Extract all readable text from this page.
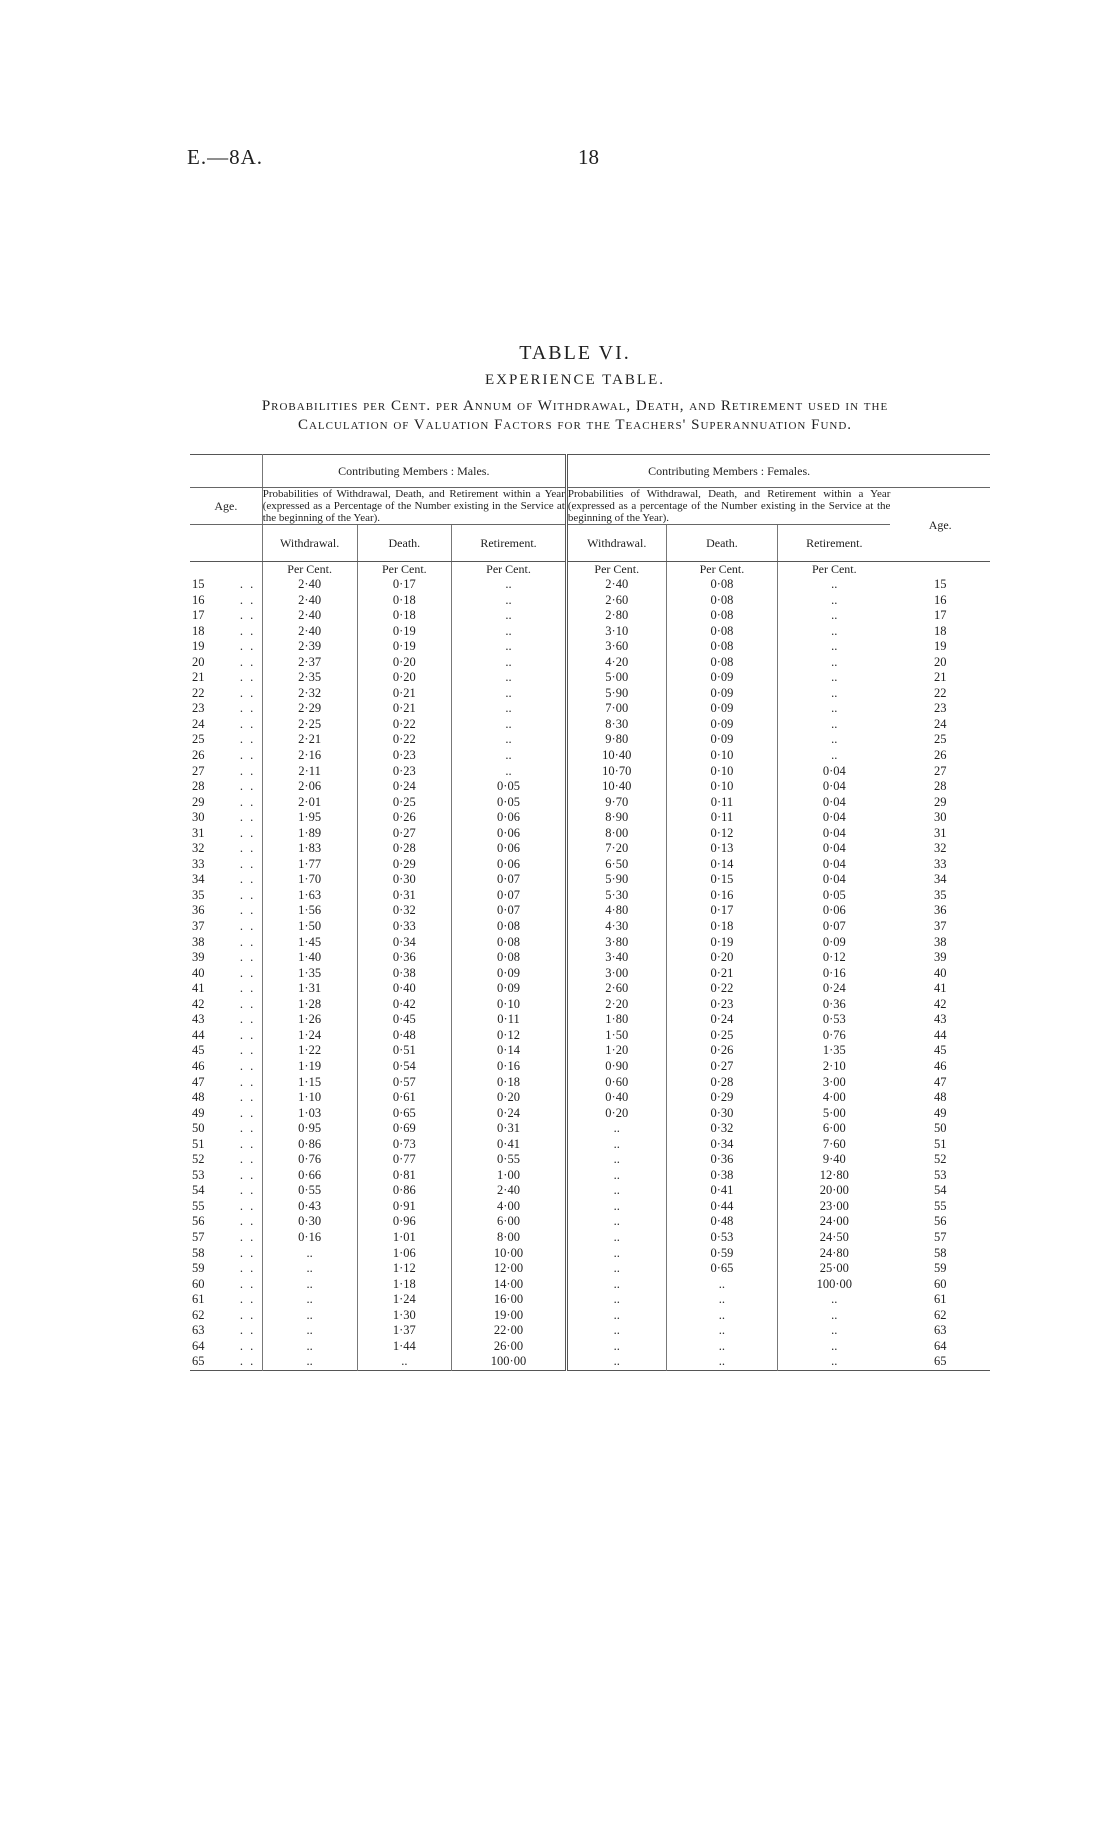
E.—8A.	18
TABLE VI.
EXPERIENCE TABLE.
Probabilities per Cent. per Annum of Withdrawal, Death, and Retirement used in the
Calculation of Valuation Factors for the Teachers' Superannuation Fund.
		Contributing Members : Males.			Contributing Members : Females.			
Age.		Probabilities of Withdrawal, Death, and Retirement within a Year (expressed as a Percentage of the Number existing in the Service at the beginning of the Year).			Probabilities of Withdrawal, Death, and Retirement within a Year (expressed as a percentage of the Number existing in the Service at the beginning of the Year).			Age.
		Withdrawal.	Death.	Retirement.	Withdrawal.	Death.	Retirement.	
		Per Cent.	Per Cent.	Per Cent.	Per Cent.	Per Cent.	Per Cent.	
15	. .	2·40	0·17	..	2·40	0·08	..	15
16	. .	2·40	0·18	..	2·60	0·08	..	16
17	. .	2·40	0·18	..	2·80	0·08	..	17
18	. .	2·40	0·19	..	3·10	0·08	..	18
19	. .	2·39	0·19	..	3·60	0·08	..	19
20	. .	2·37	0·20	..	4·20	0·08	..	20
21	. .	2·35	0·20	..	5·00	0·09	..	21
22	. .	2·32	0·21	..	5·90	0·09	..	22
23	. .	2·29	0·21	..	7·00	0·09	..	23
24	. .	2·25	0·22	..	8·30	0·09	..	24
25	. .	2·21	0·22	..	9·80	0·09	..	25
26	. .	2·16	0·23	..	10·40	0·10	..	26
27	. .	2·11	0·23	..	10·70	0·10	0·04	27
28	. .	2·06	0·24	0·05	10·40	0·10	0·04	28
29	. .	2·01	0·25	0·05	9·70	0·11	0·04	29
30	. .	1·95	0·26	0·06	8·90	0·11	0·04	30
31	. .	1·89	0·27	0·06	8·00	0·12	0·04	31
32	. .	1·83	0·28	0·06	7·20	0·13	0·04	32
33	. .	1·77	0·29	0·06	6·50	0·14	0·04	33
34	. .	1·70	0·30	0·07	5·90	0·15	0·04	34
35	. .	1·63	0·31	0·07	5·30	0·16	0·05	35
36	. .	1·56	0·32	0·07	4·80	0·17	0·06	36
37	. .	1·50	0·33	0·08	4·30	0·18	0·07	37
38	. .	1·45	0·34	0·08	3·80	0·19	0·09	38
39	. .	1·40	0·36	0·08	3·40	0·20	0·12	39
40	. .	1·35	0·38	0·09	3·00	0·21	0·16	40
41	. .	1·31	0·40	0·09	2·60	0·22	0·24	41
42	. .	1·28	0·42	0·10	2·20	0·23	0·36	42
43	. .	1·26	0·45	0·11	1·80	0·24	0·53	43
44	. .	1·24	0·48	0·12	1·50	0·25	0·76	44
45	. .	1·22	0·51	0·14	1·20	0·26	1·35	45
46	. .	1·19	0·54	0·16	0·90	0·27	2·10	46
47	. .	1·15	0·57	0·18	0·60	0·28	3·00	47
48	. .	1·10	0·61	0·20	0·40	0·29	4·00	48
49	. .	1·03	0·65	0·24	0·20	0·30	5·00	49
50	. .	0·95	0·69	0·31	..	0·32	6·00	50
51	. .	0·86	0·73	0·41	..	0·34	7·60	51
52	. .	0·76	0·77	0·55	..	0·36	9·40	52
53	. .	0·66	0·81	1·00	..	0·38	12·80	53
54	. .	0·55	0·86	2·40	..	0·41	20·00	54
55	. .	0·43	0·91	4·00	..	0·44	23·00	55
56	. .	0·30	0·96	6·00	..	0·48	24·00	56
57	. .	0·16	1·01	8·00	..	0·53	24·50	57
58	. .	..	1·06	10·00	..	0·59	24·80	58
59	. .	..	1·12	12·00	..	0·65	25·00	59
60	. .	..	1·18	14·00	..	..	100·00	60
61	. .	..	1·24	16·00	..	..	..	61
62	. .	..	1·30	19·00	..	..	..	62
63	. .	..	1·37	22·00	..	..	..	63
64	. .	..	1·44	26·00	..	..	..	64
65	. .	..	..	100·00	..	..	..	65
